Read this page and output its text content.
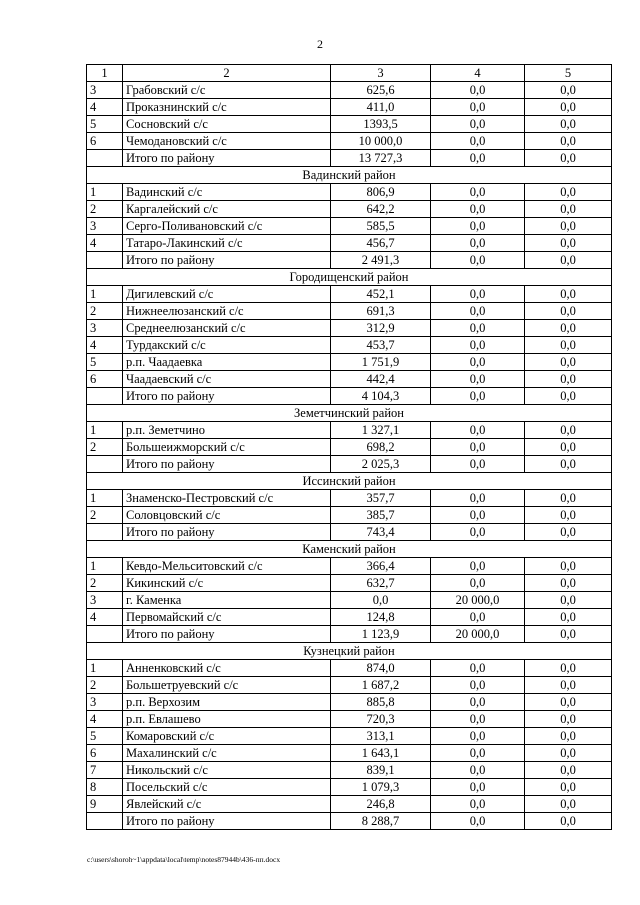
2
1	2	3	4	5
3	Грабовский с/с	625,6	0,0	0,0
4	Проказнинский с/с	411,0	0,0	0,0
5	Сосновский с/с	1393,5	0,0	0,0
6	Чемодановский с/с	10 000,0	0,0	0,0
	Итого по району	13 727,3	0,0	0,0
Вадинский район				
1	Вадинский с/с	806,9	0,0	0,0
2	Каргалейский с/с	642,2	0,0	0,0
3	Серго-Поливановский с/с	585,5	0,0	0,0
4	Татаро-Лакинский с/с	456,7	0,0	0,0
	Итого по району	2 491,3	0,0	0,0
Городищенский район				
1	Дигилевский с/с	452,1	0,0	0,0
2	Нижнеелюзанский с/с	691,3	0,0	0,0
3	Среднеелюзанский с/с	312,9	0,0	0,0
4	Турдакский с/с	453,7	0,0	0,0
5	р.п. Чаадаевка	1 751,9	0,0	0,0
6	Чаадаевский с/с	442,4	0,0	0,0
	Итого по району	4 104,3	0,0	0,0
Земетчинский район				
1	р.п. Земетчино	1 327,1	0,0	0,0
2	Большеижморский с/с	698,2	0,0	0,0
	Итого по району	2 025,3	0,0	0,0
Иссинский район				
1	Знаменско-Пестровский с/с	357,7	0,0	0,0
2	Соловцовский с/с	385,7	0,0	0,0
	Итого по району	743,4	0,0	0,0
Каменский район				
1	Кевдо-Мельситовский с/с	366,4	0,0	0,0
2	Кикинский с/с	632,7	0,0	0,0
3	г. Каменка	0,0	20 000,0	0,0
4	Первомайский с/с	124,8	0,0	0,0
	Итого по району	1 123,9	20 000,0	0,0
Кузнецкий район				
1	Анненковский с/с	874,0	0,0	0,0
2	Большетруевский с/с	1 687,2	0,0	0,0
3	р.п. Верхозим	885,8	0,0	0,0
4	р.п. Евлашево	720,3	0,0	0,0
5	Комаровский с/с	313,1	0,0	0,0
6	Махалинский с/с	1 643,1	0,0	0,0
7	Никольский с/с	839,1	0,0	0,0
8	Посельский с/с	1 079,3	0,0	0,0
9	Явлейский с/с	246,8	0,0	0,0
	Итого по району	8 288,7	0,0	0,0
c:\users\shoroh~1\appdata\local\temp\notes87944b\436-пп.docx
